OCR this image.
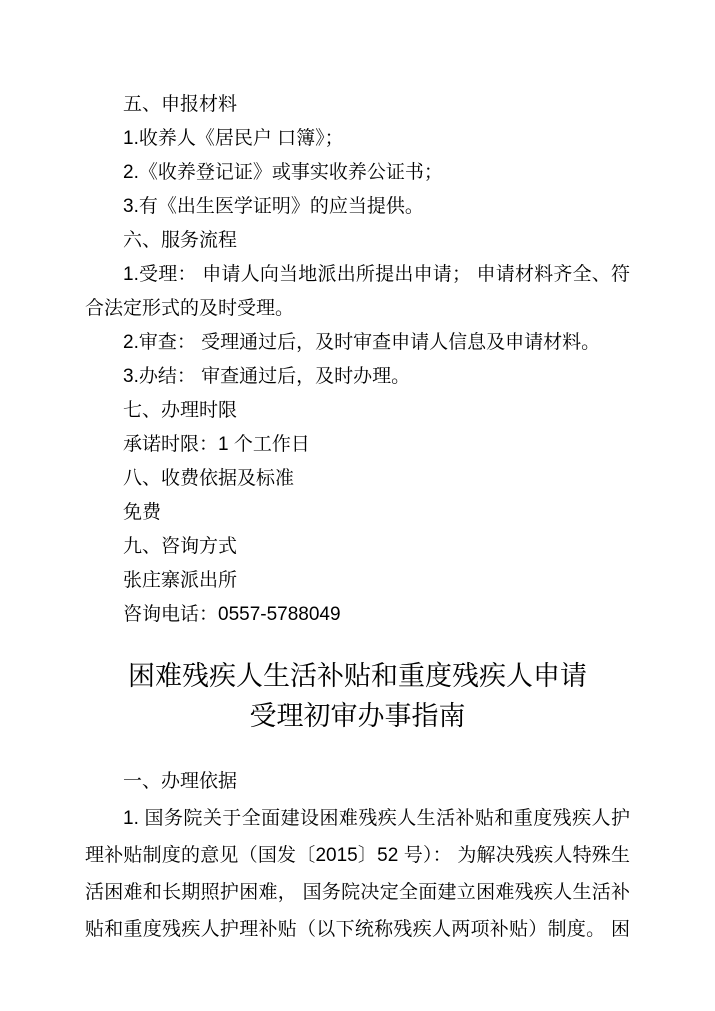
五、申报材料
1.收养人《居民户 口簿》；
2.《收养登记证》或事实收养公证书；
3.有《出生医学证明》的应当提供。
六、服务流程
1.受理： 申请人向当地派出所提出申请； 申请材料齐全、符
合法定形式的及时受理。
2.审查： 受理通过后，及时审查申请人信息及申请材料。
3.办结： 审查通过后，及时办理。
七、办理时限
承诺时限：1 个工作日
八、收费依据及标准
免费
九、咨询方式
张庄寨派出所
咨询电话：0557-5788049
困难残疾人生活补贴和重度残疾人申请
受理初审办事指南
一、办理依据
1. 国务院关于全面建设困难残疾人生活补贴和重度残疾人护
理补贴制度的意见（国发〔2015〕52 号）： 为解决残疾人特殊生
活困难和长期照护困难， 国务院决定全面建立困难残疾人生活补
贴和重度残疾人护理补贴（以下统称残疾人两项补贴）制度。 困
